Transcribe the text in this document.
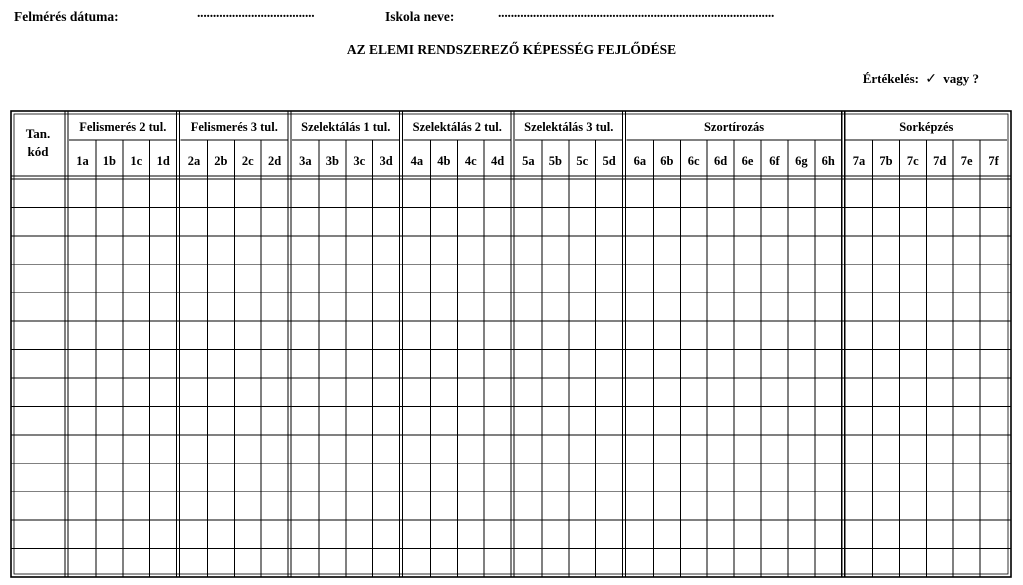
Felmérés dátuma:	.....................................	Iskola neve:	.......................................................................................
AZ ELEMI RENDSZEREZŐ KÉPESSÉG FEJLŐDÉSE
Értékelés: ✓ vagy ?
Tan.
kód
Felismerés 2 tul.
1a 1b 1c 1d
Felismerés 3 tul.
2a 2b 2c 2d
Szelektálás 1 tul.
3a 3b 3c 3d
Szelektálás 2 tul.
4a 4b 4c 4d
Szelektálás 3 tul.
5a 5b 5c 5d
Szortírozás
6a 6b 6c 6d 6e 6f 6g 6h
Sorképzés
7a 7b 7c 7d 7e 7f
